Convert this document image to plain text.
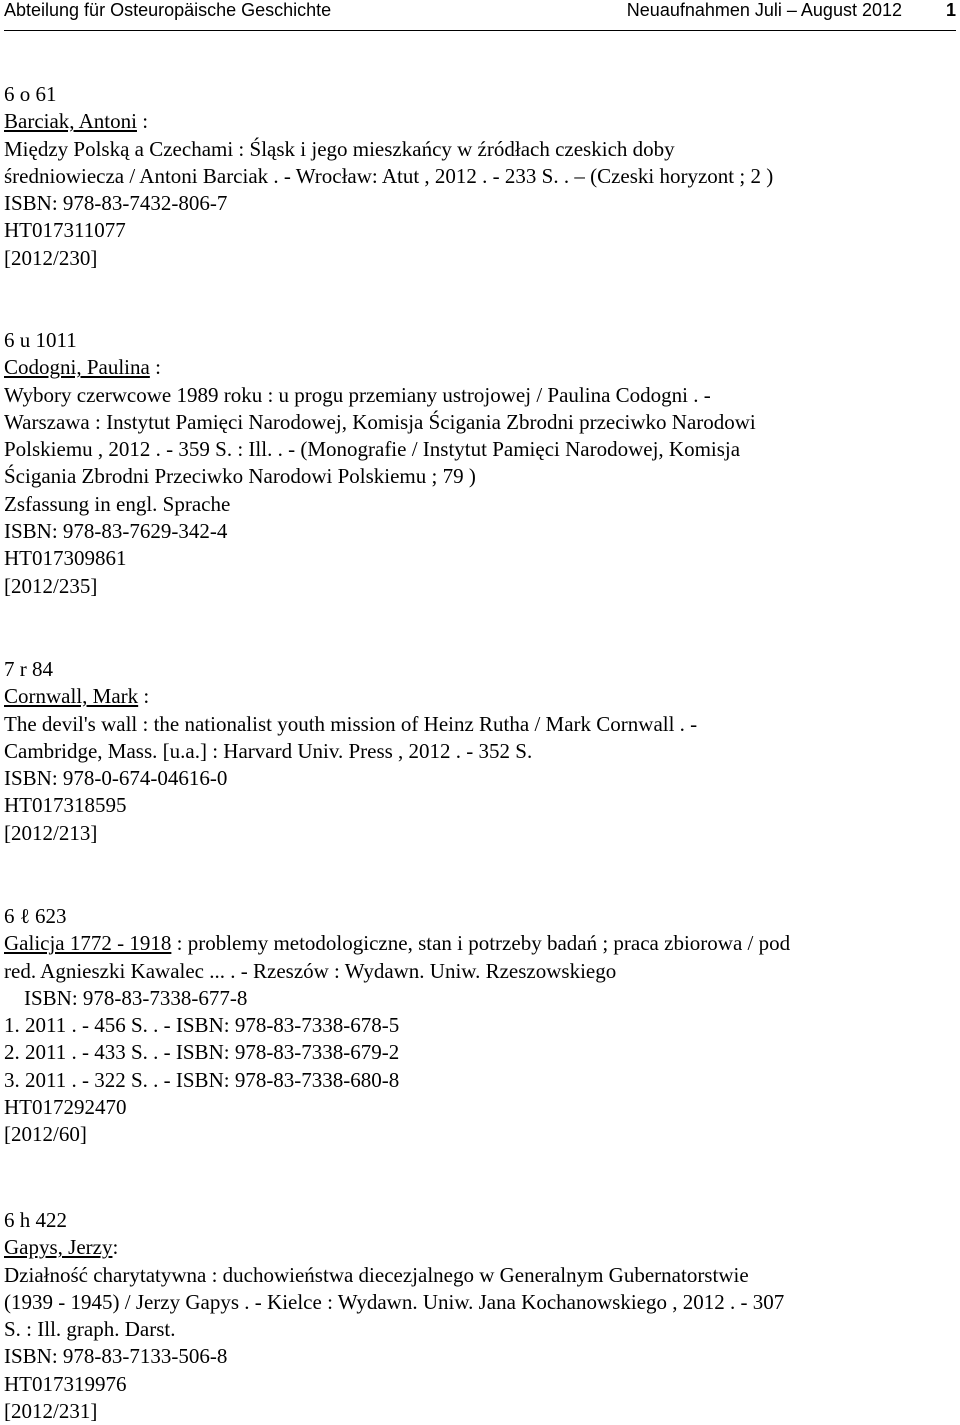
Abteilung für Osteuropäische Geschichte	Neuaufnahmen Juli – August 2012 1
6 o 61
Barciak, Antoni :
Między Polską a Czechami : Śląsk i jego mieszkańcy w źródłach czeskich doby
średniowiecza / Antoni Barciak . - Wrocław: Atut , 2012 . - 233 S. . – (Czeski horyzont ; 2 )
ISBN: 978-83-7432-806-7
HT017311077
[2012/230]
6 u 1011
Codogni, Paulina :
Wybory czerwcowe 1989 roku : u progu przemiany ustrojowej / Paulina Codogni . -
Warszawa : Instytut Pamięci Narodowej, Komisja Ścigania Zbrodni przeciwko Narodowi
Polskiemu , 2012 . - 359 S. : Ill. . - (Monografie / Instytut Pamięci Narodowej, Komisja
Ścigania Zbrodni Przeciwko Narodowi Polskiemu ; 79 )
Zsfassung in engl. Sprache
ISBN: 978-83-7629-342-4
HT017309861
[2012/235]
7 r 84
Cornwall, Mark :
The devil's wall : the nationalist youth mission of Heinz Rutha / Mark Cornwall . -
Cambridge, Mass. [u.a.] : Harvard Univ. Press , 2012 . - 352 S.
ISBN: 978-0-674-04616-0
HT017318595
[2012/213]
6 ℓ 623
Galicja 1772 - 1918 : problemy metodologiczne, stan i potrzeby badań ; praca zbiorowa / pod
red. Agnieszki Kawalec ... . - Rzeszów : Wydawn. Uniw. Rzeszowskiego
ISBN: 978-83-7338-677-8
1. 2011 . - 456 S. . - ISBN: 978-83-7338-678-5
2. 2011 . - 433 S. . - ISBN: 978-83-7338-679-2
3. 2011 . - 322 S. . - ISBN: 978-83-7338-680-8
HT017292470
[2012/60]
6 h 422
Gapys, Jerzy:
Działność charytatywna : duchowieństwa diecezjalnego w Generalnym Gubernatorstwie
(1939 - 1945) / Jerzy Gapys . - Kielce : Wydawn. Uniw. Jana Kochanowskiego , 2012 . - 307
S. : Ill. graph. Darst.
ISBN: 978-83-7133-506-8
HT017319976
[2012/231]
